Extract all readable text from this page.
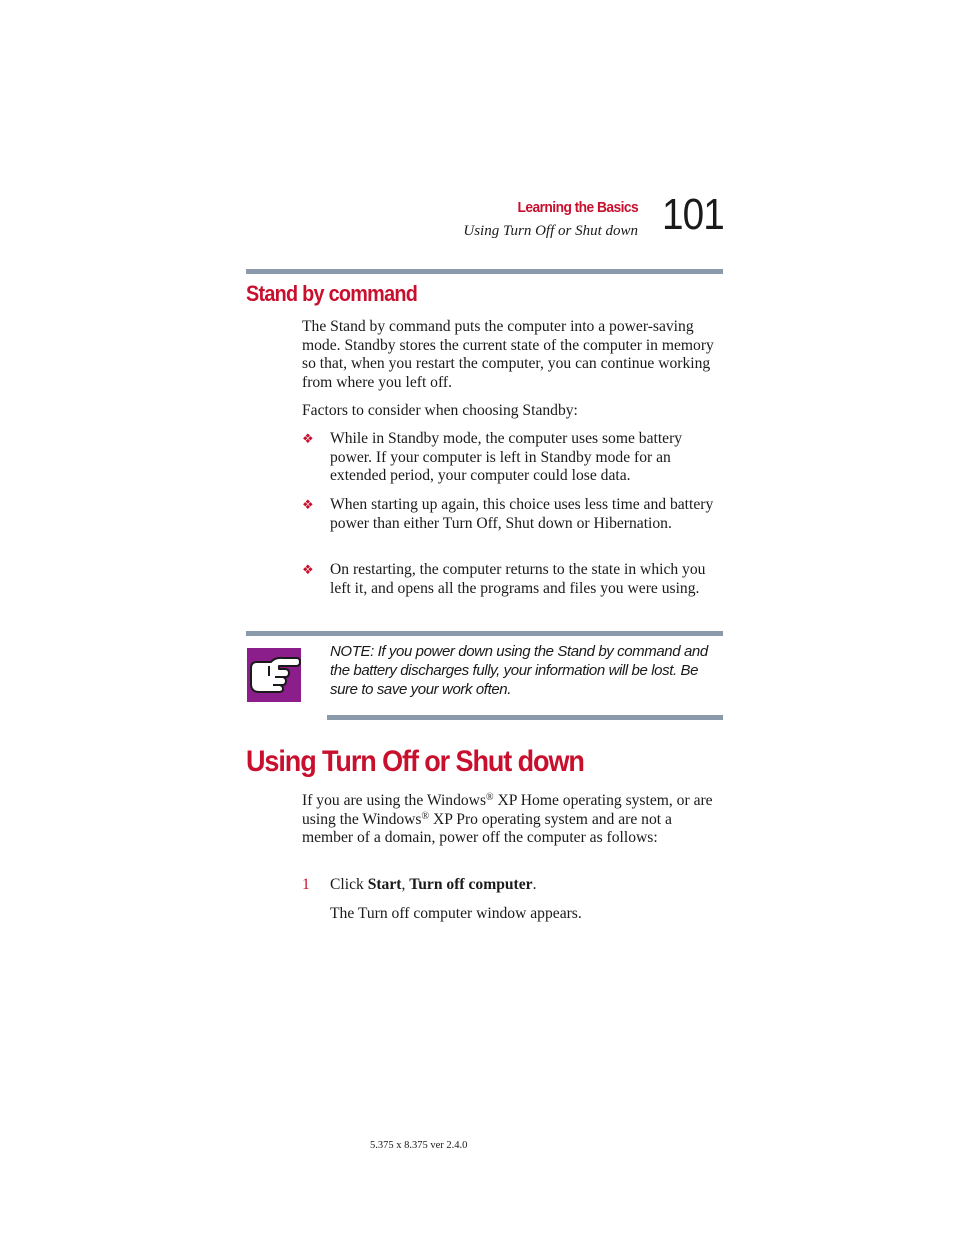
Learning the Basics
Using Turn Off or Shut down 101
Stand by command
The Stand by command puts the computer into a power-saving mode. Standby stores the current state of the computer in memory so that, when you restart the computer, you can continue working from where you left off.
Factors to consider when choosing Standby:
❖ While in Standby mode, the computer uses some battery power. If your computer is left in Standby mode for an extended period, your computer could lose data.
❖ When starting up again, this choice uses less time and battery power than either Turn Off, Shut down or Hibernation.
❖ On restarting, the computer returns to the state in which you left it, and opens all the programs and files you were using.
NOTE: If you power down using the Stand by command and the battery discharges fully, your information will be lost. Be sure to save your work often.
Using Turn Off or Shut down
If you are using the Windows® XP Home operating system, or are using the Windows® XP Pro operating system and are not a member of a domain, power off the computer as follows:
1 Click Start, Turn off computer.
The Turn off computer window appears.
5.375 x 8.375 ver 2.4.0
